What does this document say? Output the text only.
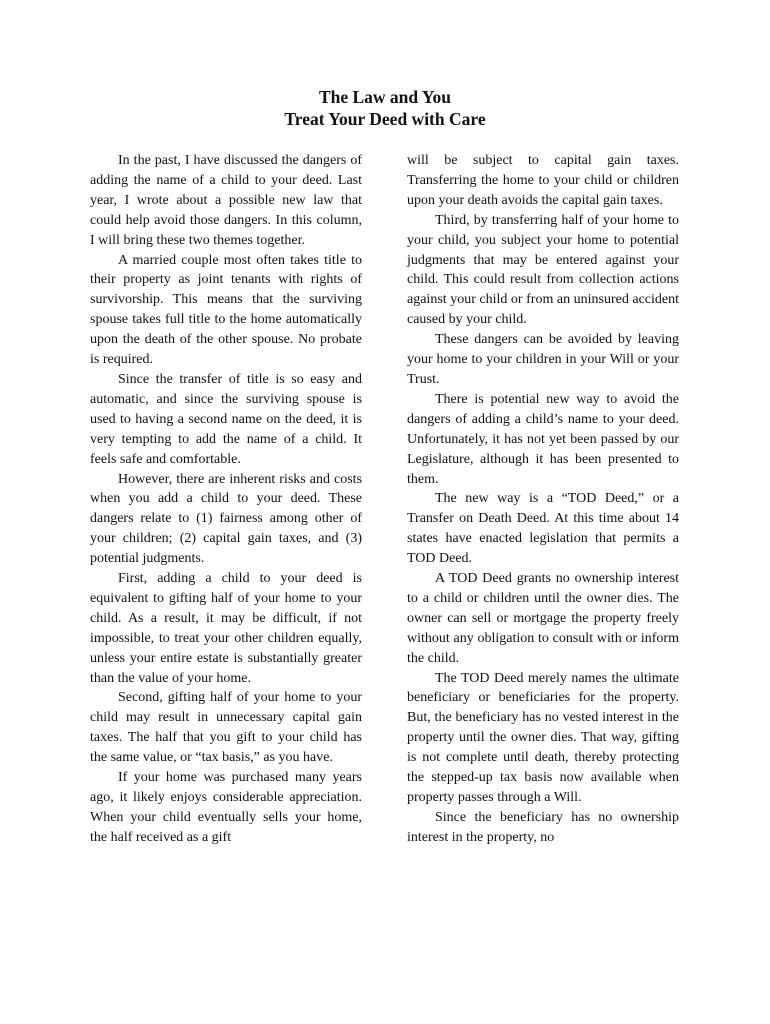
The Law and You
Treat Your Deed with Care

In the past, I have discussed the dangers of adding the name of a child to your deed. Last year, I wrote about a possible new law that could help avoid those dangers. In this column, I will bring these two themes together.

A married couple most often takes title to their property as joint tenants with rights of survivorship. This means that the surviving spouse takes full title to the home automatically upon the death of the other spouse. No probate is required.

Since the transfer of title is so easy and automatic, and since the surviving spouse is used to having a second name on the deed, it is very tempting to add the name of a child. It feels safe and comfortable.

However, there are inherent risks and costs when you add a child to your deed. These dangers relate to (1) fairness among other of your children; (2) capital gain taxes, and (3) potential judgments.

First, adding a child to your deed is equivalent to gifting half of your home to your child. As a result, it may be difficult, if not impossible, to treat your other children equally, unless your entire estate is substantially greater than the value of your home.

Second, gifting half of your home to your child may result in unnecessary capital gain taxes. The half that you gift to your child has the same value, or “tax basis,” as you have.

If your home was purchased many years ago, it likely enjoys considerable appreciation. When your child eventually sells your home, the half received as a gift

will be subject to capital gain taxes. Transferring the home to your child or children upon your death avoids the capital gain taxes.

Third, by transferring half of your home to your child, you subject your home to potential judgments that may be entered against your child. This could result from collection actions against your child or from an uninsured accident caused by your child.

These dangers can be avoided by leaving your home to your children in your Will or your Trust.

There is potential new way to avoid the dangers of adding a child’s name to your deed. Unfortunately, it has not yet been passed by our Legislature, although it has been presented to them.

The new way is a “TOD Deed,” or a Transfer on Death Deed. At this time about 14 states have enacted legislation that permits a TOD Deed.

A TOD Deed grants no ownership interest to a child or children until the owner dies. The owner can sell or mortgage the property freely without any obligation to consult with or inform the child.

The TOD Deed merely names the ultimate beneficiary or beneficiaries for the property. But, the beneficiary has no vested interest in the property until the owner dies. That way, gifting is not complete until death, thereby protecting the stepped-up tax basis now available when property passes through a Will.

Since the beneficiary has no ownership interest in the property, no
